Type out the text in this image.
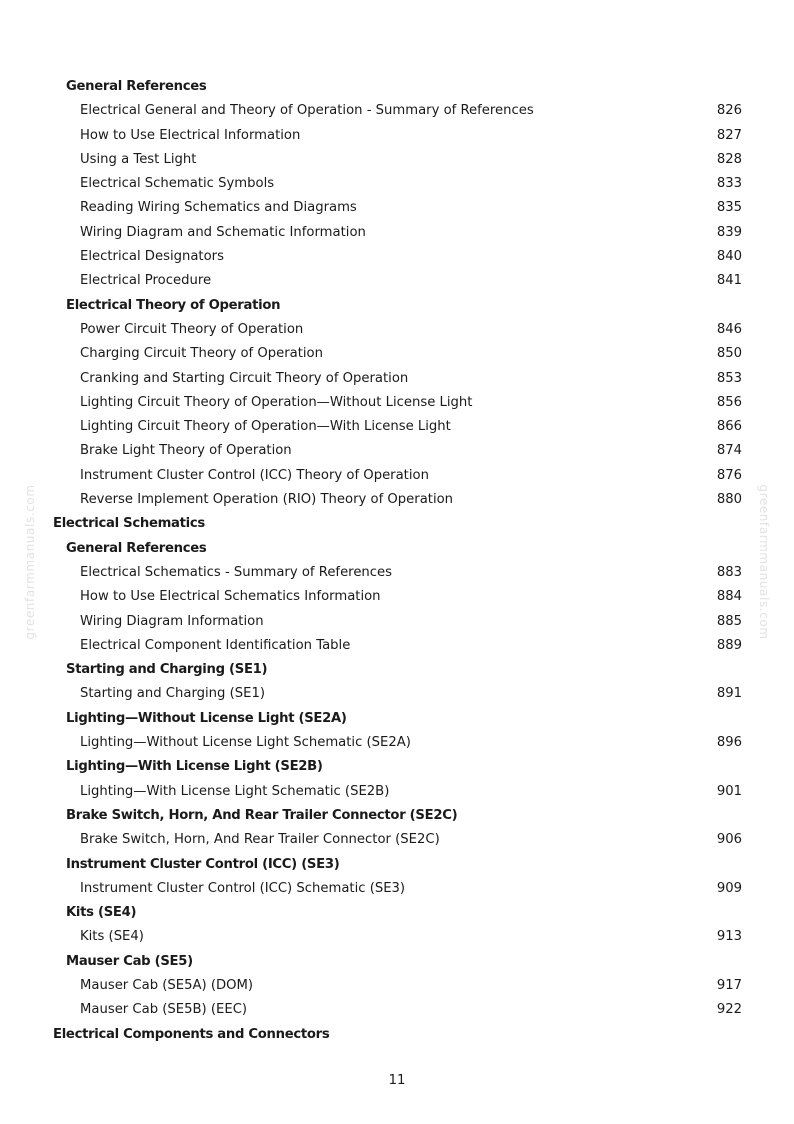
greenfarmmanuals.com	greenfarmmanuals.com
General References
Electrical General and Theory of Operation - Summary of References	826
How to Use Electrical Information	827
Using a Test Light	828
Electrical Schematic Symbols	833
Reading Wiring Schematics and Diagrams	835
Wiring Diagram and Schematic Information	839
Electrical Designators	840
Electrical Procedure	841
Electrical Theory of Operation
Power Circuit Theory of Operation	846
Charging Circuit Theory of Operation	850
Cranking and Starting Circuit Theory of Operation	853
Lighting Circuit Theory of Operation—Without License Light	856
Lighting Circuit Theory of Operation—With License Light	866
Brake Light Theory of Operation	874
Instrument Cluster Control (ICC) Theory of Operation	876
Reverse Implement Operation (RIO) Theory of Operation	880
Electrical Schematics
General References
Electrical Schematics - Summary of References	883
How to Use Electrical Schematics Information	884
Wiring Diagram Information	885
Electrical Component Identification Table	889
Starting and Charging (SE1)
Starting and Charging (SE1)	891
Lighting—Without License Light (SE2A)
Lighting—Without License Light Schematic (SE2A)	896
Lighting—With License Light (SE2B)
Lighting—With License Light Schematic (SE2B)	901
Brake Switch, Horn, And Rear Trailer Connector (SE2C)
Brake Switch, Horn, And Rear Trailer Connector (SE2C)	906
Instrument Cluster Control (ICC) (SE3)
Instrument Cluster Control (ICC) Schematic (SE3)	909
Kits (SE4)
Kits (SE4)	913
Mauser Cab (SE5)
Mauser Cab (SE5A) (DOM)	917
Mauser Cab (SE5B) (EEC)	922
Electrical Components and Connectors
11
